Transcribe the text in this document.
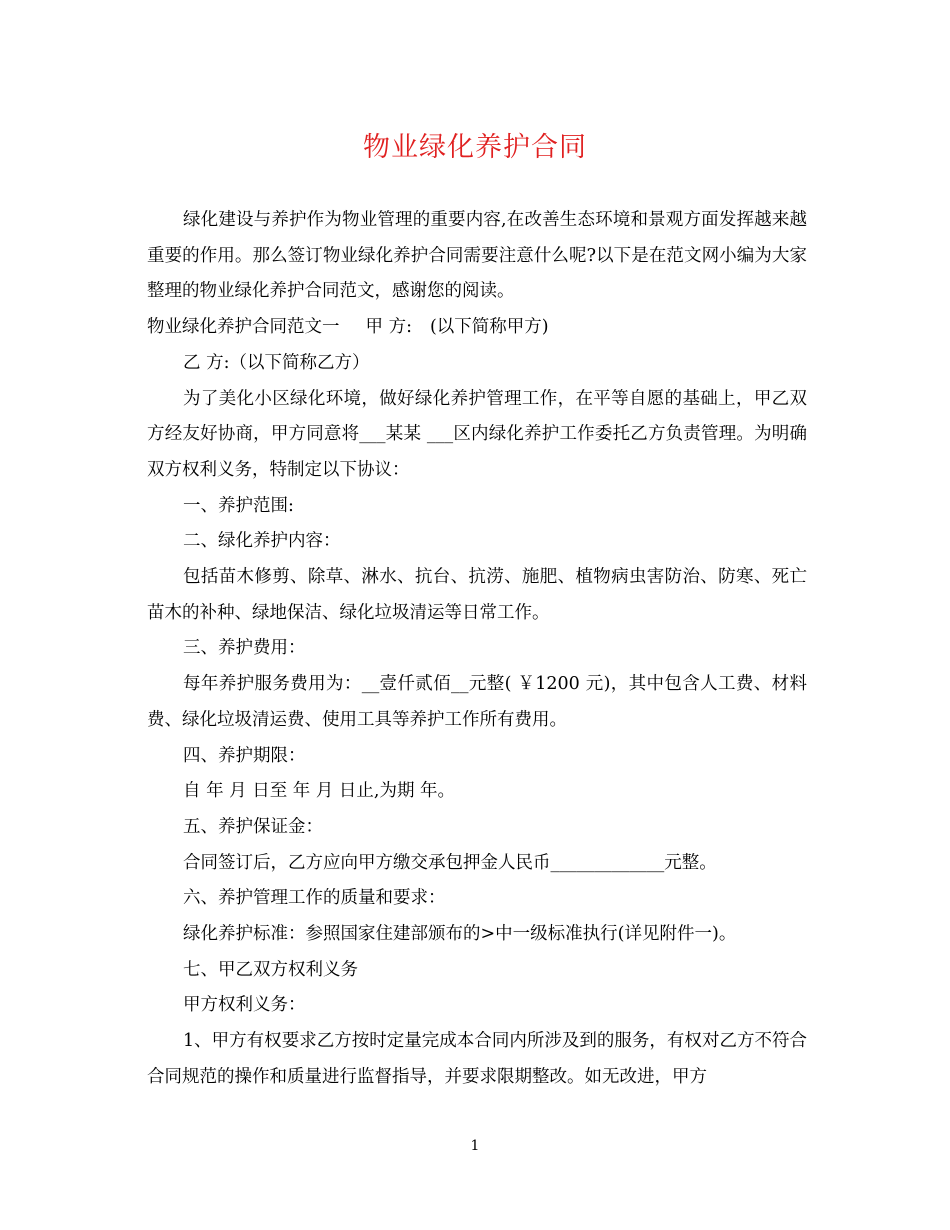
物业绿化养护合同

绿化建设与养护作为物业管理的重要内容,在改善生态环境和景观方面发挥越来越重要的作用。那么签订物业绿化养护合同需要注意什么呢?以下是在范文网小编为大家整理的物业绿化养护合同范文，感谢您的阅读。

物业绿化养护合同范文一 甲 方: (以下简称甲方)

乙 方:（以下简称乙方）

为了美化小区绿化环境，做好绿化养护管理工作，在平等自愿的基础上，甲乙双方经友好协商，甲方同意将___某某 ___区内绿化养护工作委托乙方负责管理。为明确双方权利义务，特制定以下协议：

一、养护范围:

二、绿化养护内容：

包括苗木修剪、除草、淋水、抗台、抗涝、施肥、植物病虫害防治、防寒、死亡苗木的补种、绿地保洁、绿化垃圾清运等日常工作。

三、养护费用：

每年养护服务费用为：__壹仟贰佰__元整( ￥1200 元)，其中包含人工费、材料费、绿化垃圾清运费、使用工具等养护工作所有费用。

四、养护期限：

自 年 月 日至 年 月 日止,为期 年。

五、养护保证金：

合同签订后，乙方应向甲方缴交承包押金人民币_____________元整。

六、养护管理工作的质量和要求：

绿化养护标准：参照国家住建部颁布的>中一级标准执行(详见附件一)。

七、甲乙双方权利义务

甲方权利义务：

1、甲方有权要求乙方按时定量完成本合同内所涉及到的服务，有权对乙方不符合合同规范的操作和质量进行监督指导，并要求限期整改。如无改进，甲方

1
